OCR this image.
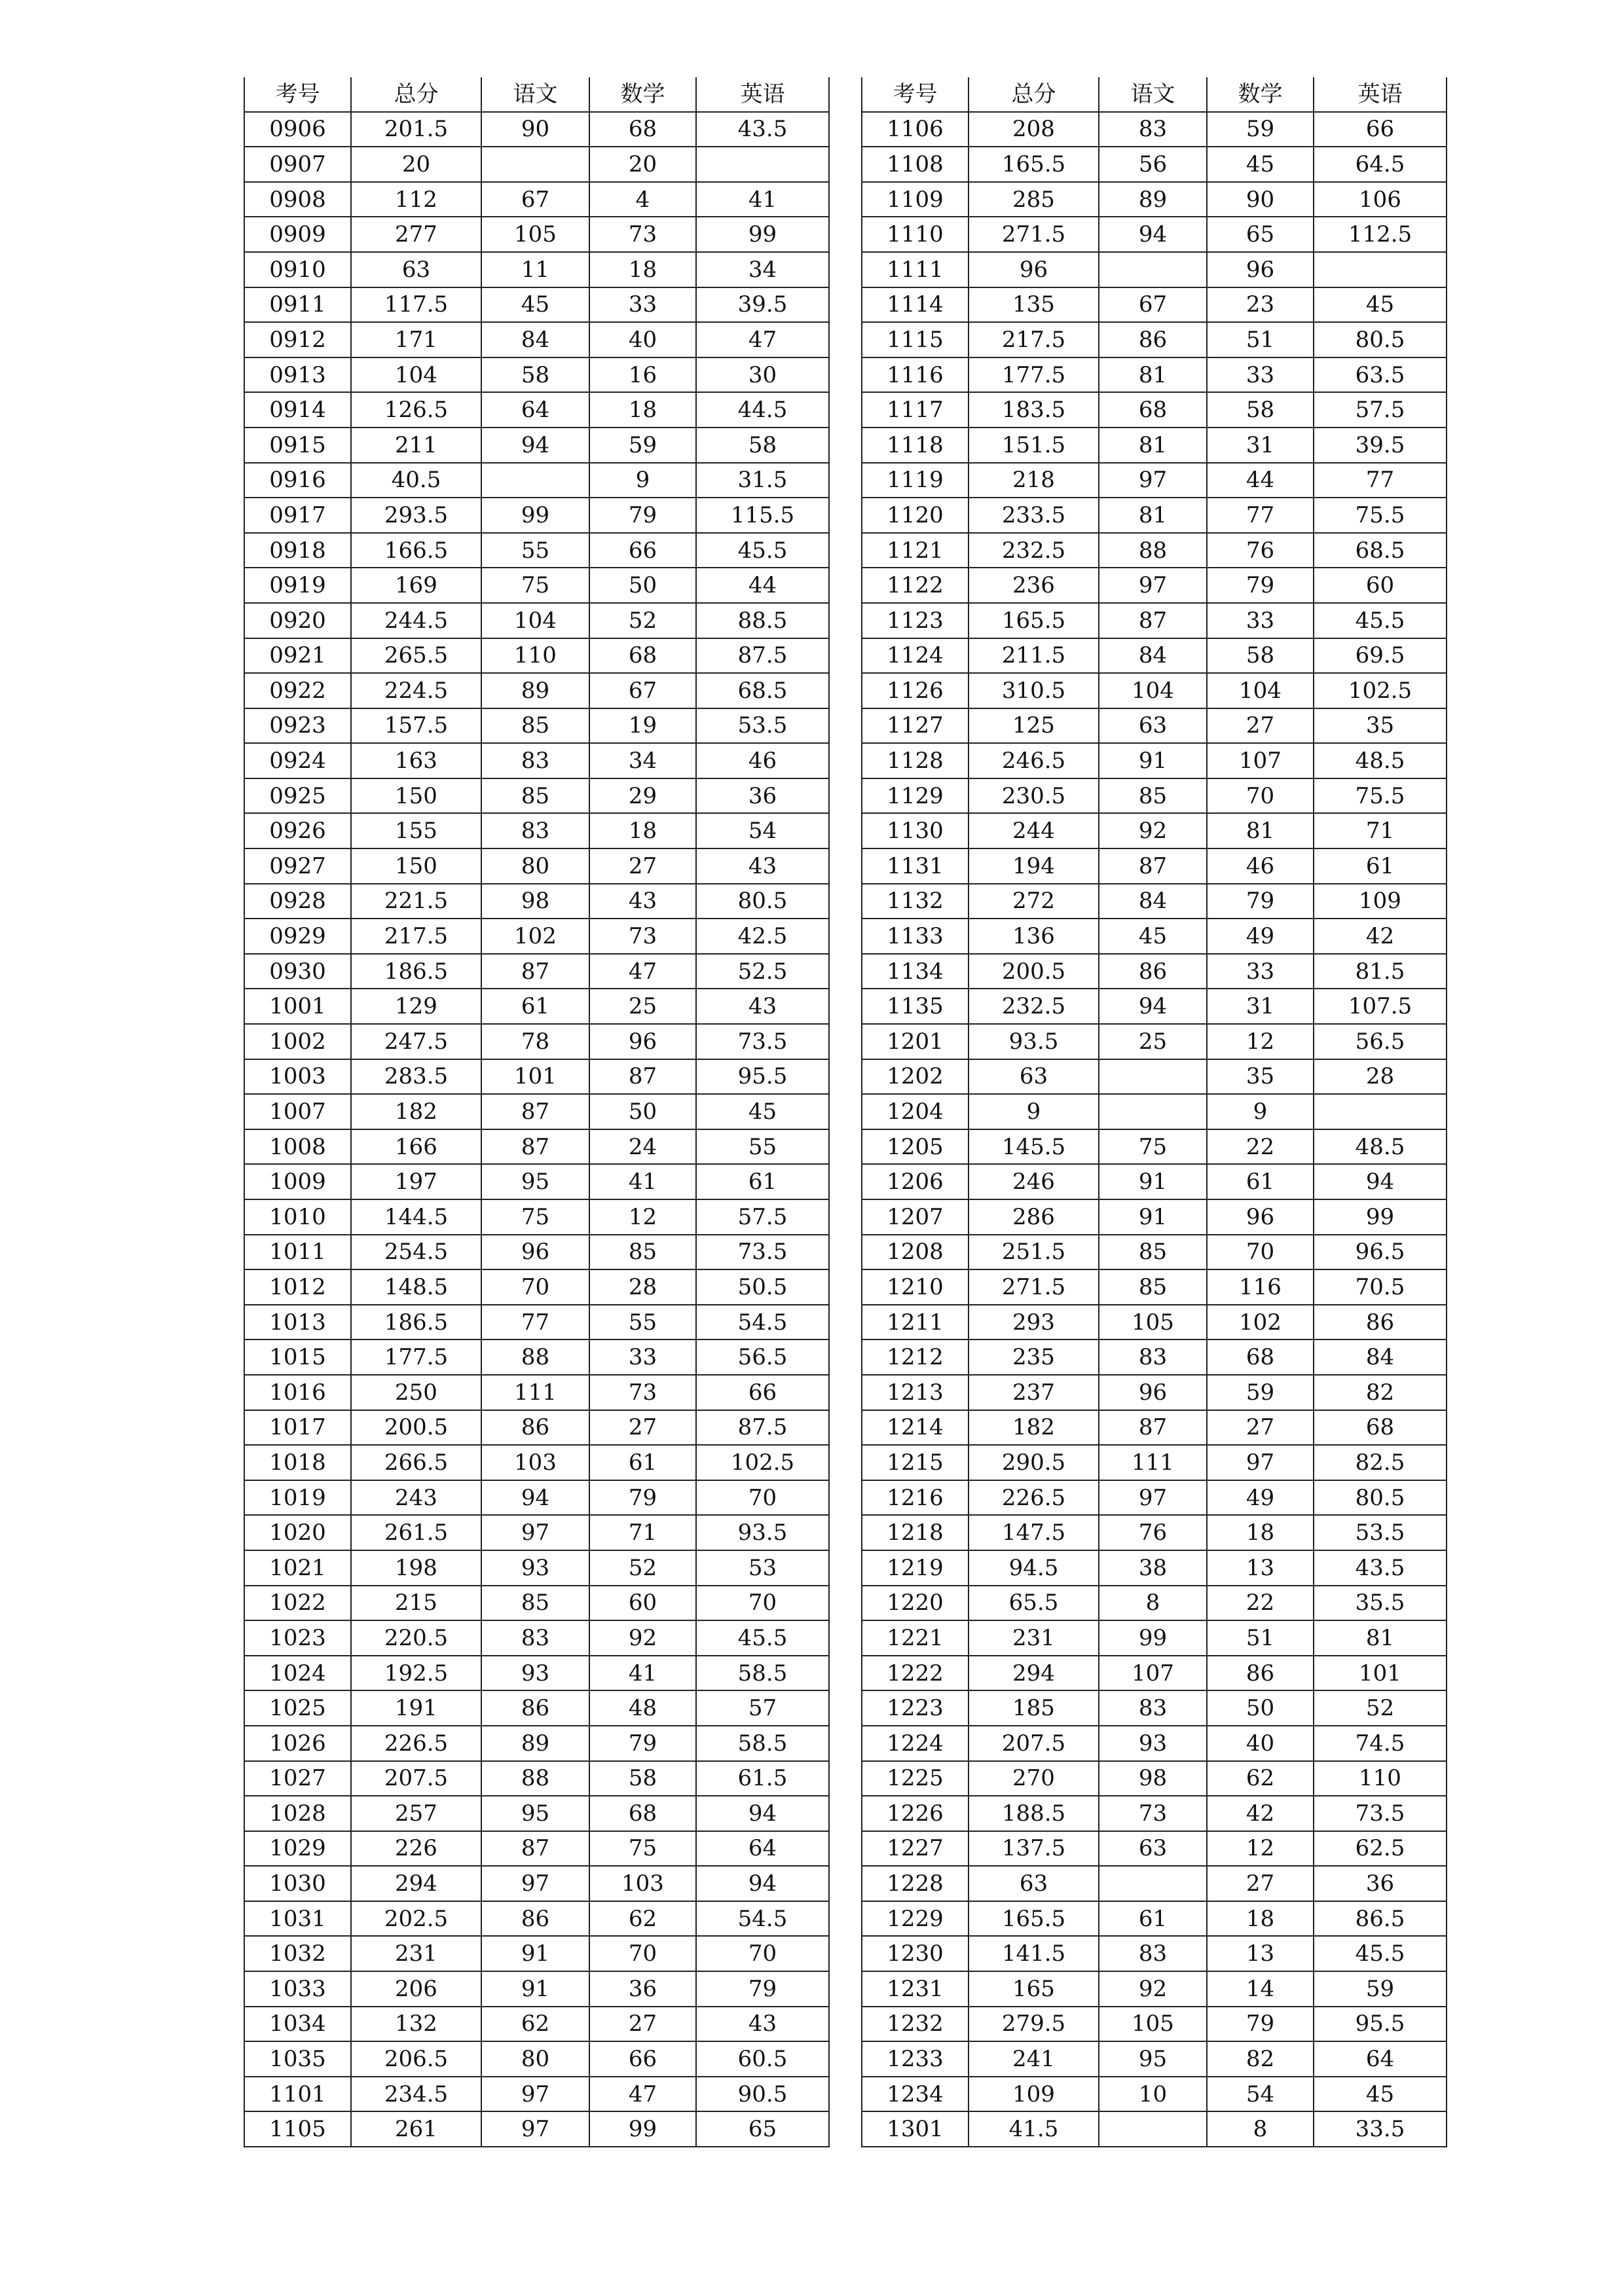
考号	总分	语文	数学	英语
0906	201.5	90	68	43.5
0907	20		20	
0908	112	67	4	41
0909	277	105	73	99
0910	63	11	18	34
0911	117.5	45	33	39.5
0912	171	84	40	47
0913	104	58	16	30
0914	126.5	64	18	44.5
0915	211	94	59	58
0916	40.5		9	31.5
0917	293.5	99	79	115.5
0918	166.5	55	66	45.5
0919	169	75	50	44
0920	244.5	104	52	88.5
0921	265.5	110	68	87.5
0922	224.5	89	67	68.5
0923	157.5	85	19	53.5
0924	163	83	34	46
0925	150	85	29	36
0926	155	83	18	54
0927	150	80	27	43
0928	221.5	98	43	80.5
0929	217.5	102	73	42.5
0930	186.5	87	47	52.5
1001	129	61	25	43
1002	247.5	78	96	73.5
1003	283.5	101	87	95.5
1007	182	87	50	45
1008	166	87	24	55
1009	197	95	41	61
1010	144.5	75	12	57.5
1011	254.5	96	85	73.5
1012	148.5	70	28	50.5
1013	186.5	77	55	54.5
1015	177.5	88	33	56.5
1016	250	111	73	66
1017	200.5	86	27	87.5
1018	266.5	103	61	102.5
1019	243	94	79	70
1020	261.5	97	71	93.5
1021	198	93	52	53
1022	215	85	60	70
1023	220.5	83	92	45.5
1024	192.5	93	41	58.5
1025	191	86	48	57
1026	226.5	89	79	58.5
1027	207.5	88	58	61.5
1028	257	95	68	94
1029	226	87	75	64
1030	294	97	103	94
1031	202.5	86	62	54.5
1032	231	91	70	70
1033	206	91	36	79
1034	132	62	27	43
1035	206.5	80	66	60.5
1101	234.5	97	47	90.5
1105	261	97	99	65
考号	总分	语文	数学	英语
1106	208	83	59	66
1108	165.5	56	45	64.5
1109	285	89	90	106
1110	271.5	94	65	112.5
1111	96		96	
1114	135	67	23	45
1115	217.5	86	51	80.5
1116	177.5	81	33	63.5
1117	183.5	68	58	57.5
1118	151.5	81	31	39.5
1119	218	97	44	77
1120	233.5	81	77	75.5
1121	232.5	88	76	68.5
1122	236	97	79	60
1123	165.5	87	33	45.5
1124	211.5	84	58	69.5
1126	310.5	104	104	102.5
1127	125	63	27	35
1128	246.5	91	107	48.5
1129	230.5	85	70	75.5
1130	244	92	81	71
1131	194	87	46	61
1132	272	84	79	109
1133	136	45	49	42
1134	200.5	86	33	81.5
1135	232.5	94	31	107.5
1201	93.5	25	12	56.5
1202	63		35	28
1204	9		9	
1205	145.5	75	22	48.5
1206	246	91	61	94
1207	286	91	96	99
1208	251.5	85	70	96.5
1210	271.5	85	116	70.5
1211	293	105	102	86
1212	235	83	68	84
1213	237	96	59	82
1214	182	87	27	68
1215	290.5	111	97	82.5
1216	226.5	97	49	80.5
1218	147.5	76	18	53.5
1219	94.5	38	13	43.5
1220	65.5	8	22	35.5
1221	231	99	51	81
1222	294	107	86	101
1223	185	83	50	52
1224	207.5	93	40	74.5
1225	270	98	62	110
1226	188.5	73	42	73.5
1227	137.5	63	12	62.5
1228	63		27	36
1229	165.5	61	18	86.5
1230	141.5	83	13	45.5
1231	165	92	14	59
1232	279.5	105	79	95.5
1233	241	95	82	64
1234	109	10	54	45
1301	41.5		8	33.5
